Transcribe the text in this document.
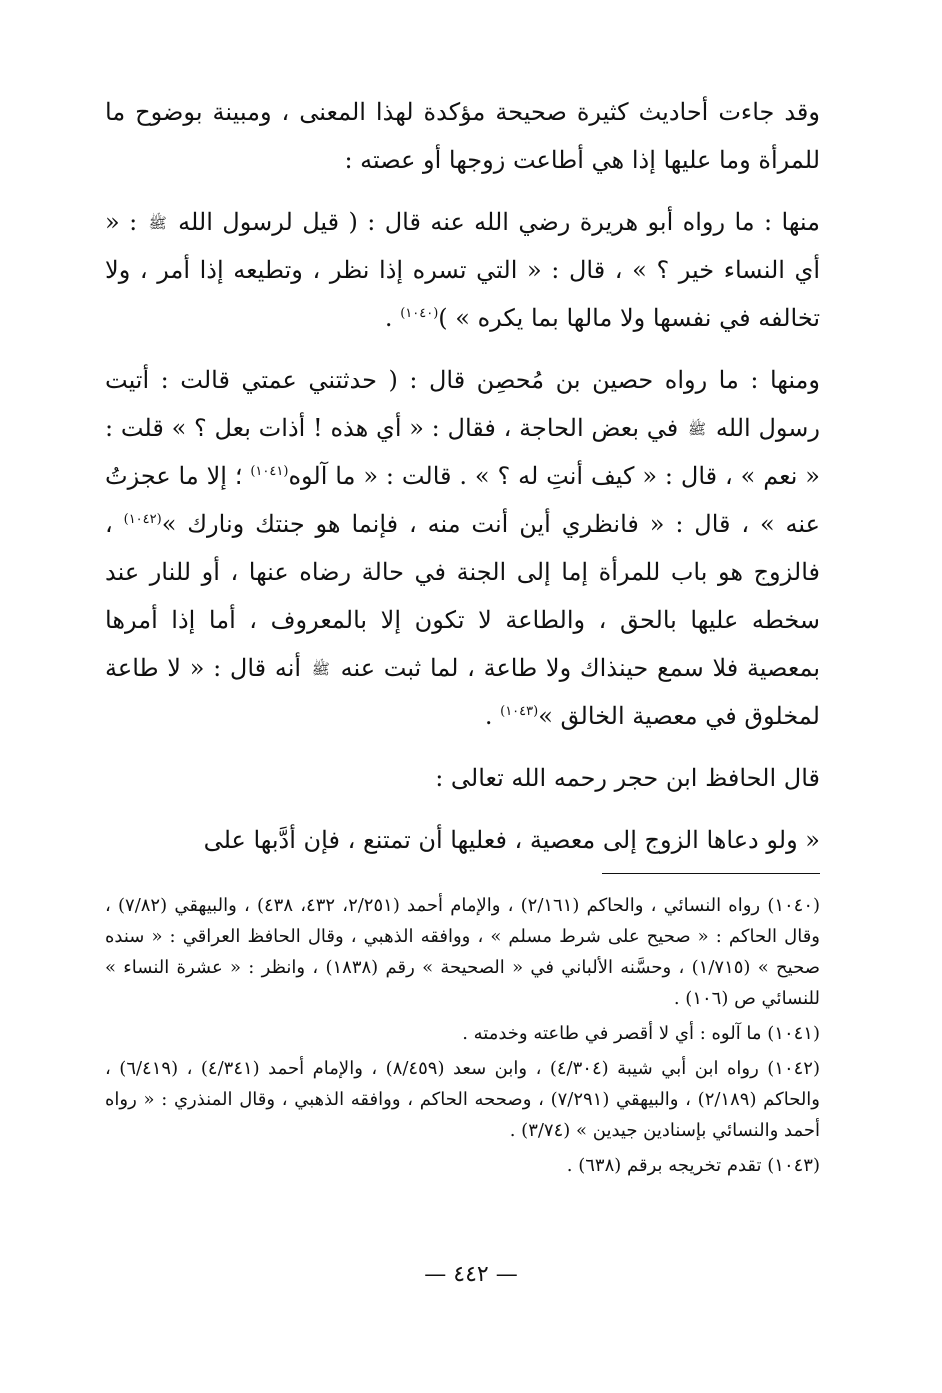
وقد جاءت أحاديث كثيرة صحيحة مؤكدة لهذا المعنى ، ومبينة بوضوح ما للمرأة وما عليها إذا هي أطاعت زوجها أو عصته :

منها : ما رواه أبو هريرة رضي الله عنه قال : ( قيل لرسول الله ﷺ : « أي النساء خير ؟ » ، قال : « التي تسره إذا نظر ، وتطيعه إذا أمر ، ولا تخالفه في نفسها ولا مالها بما يكره » )$^{(١٠٤٠)}$ .

ومنها : ما رواه حصين بن مُحصِن قال : ( حدثتني عمتي قالت : أتيت رسول الله ﷺ في بعض الحاجة ، فقال : « أي هذه ! أذات بعل ؟ » قلت : « نعم » ، قال : « كيف أنتِ له ؟ » . قالت : « ما آلوه$^{(١٠٤١)}$ ؛ إلا ما عجزتُ عنه » ، قال : « فانظري أين أنت منه ، فإنما هو جنتك ونارك »$^{(١٠٤٢)}$ ، فالزوج هو باب للمرأة إما إلى الجنة في حالة رضاه عنها ، أو للنار عند سخطه عليها بالحق ، والطاعة لا تكون إلا بالمعروف ، أما إذا أمرها بمعصية فلا سمع حينذاك ولا طاعة ، لما ثبت عنه ﷺ أنه قال : « لا طاعة لمخلوق في معصية الخالق »$^{(١٠٤٣)}$ .

قال الحافظ ابن حجر رحمه الله تعالى :

« ولو دعاها الزوج إلى معصية ، فعليها أن تمتنع ، فإن أدَّبها على

(١٠٤٠) رواه النسائي ، والحاكم (٢/١٦١) ، والإمام أحمد (٢/٢٥١، ٤٣٢، ٤٣٨) ، والبيهقي (٧/٨٢) ، وقال الحاكم : « صحيح على شرط مسلم » ، ووافقه الذهبي ، وقال الحافظ العراقي : « سنده صحيح » (١/٧١٥) ، وحسَّنه الألباني في « الصحيحة » رقم (١٨٣٨) ، وانظر : « عشرة النساء » للنسائي ص (١٠٦) .

(١٠٤١) ما آلوه : أي لا أقصر في طاعته وخدمته .

(١٠٤٢) رواه ابن أبي شيبة (٤/٣٠٤) ، وابن سعد (٨/٤٥٩) ، والإمام أحمد (٤/٣٤١) ، (٦/٤١٩) ، والحاكم (٢/١٨٩) ، والبيهقي (٧/٢٩١) ، وصححه الحاكم ، ووافقه الذهبي ، وقال المنذري : « رواه أحمد والنسائي بإسنادين جيدين » (٣/٧٤) .

(١٠٤٣) تقدم تخريجه برقم (٦٣٨) .

— ٤٤٢ —
